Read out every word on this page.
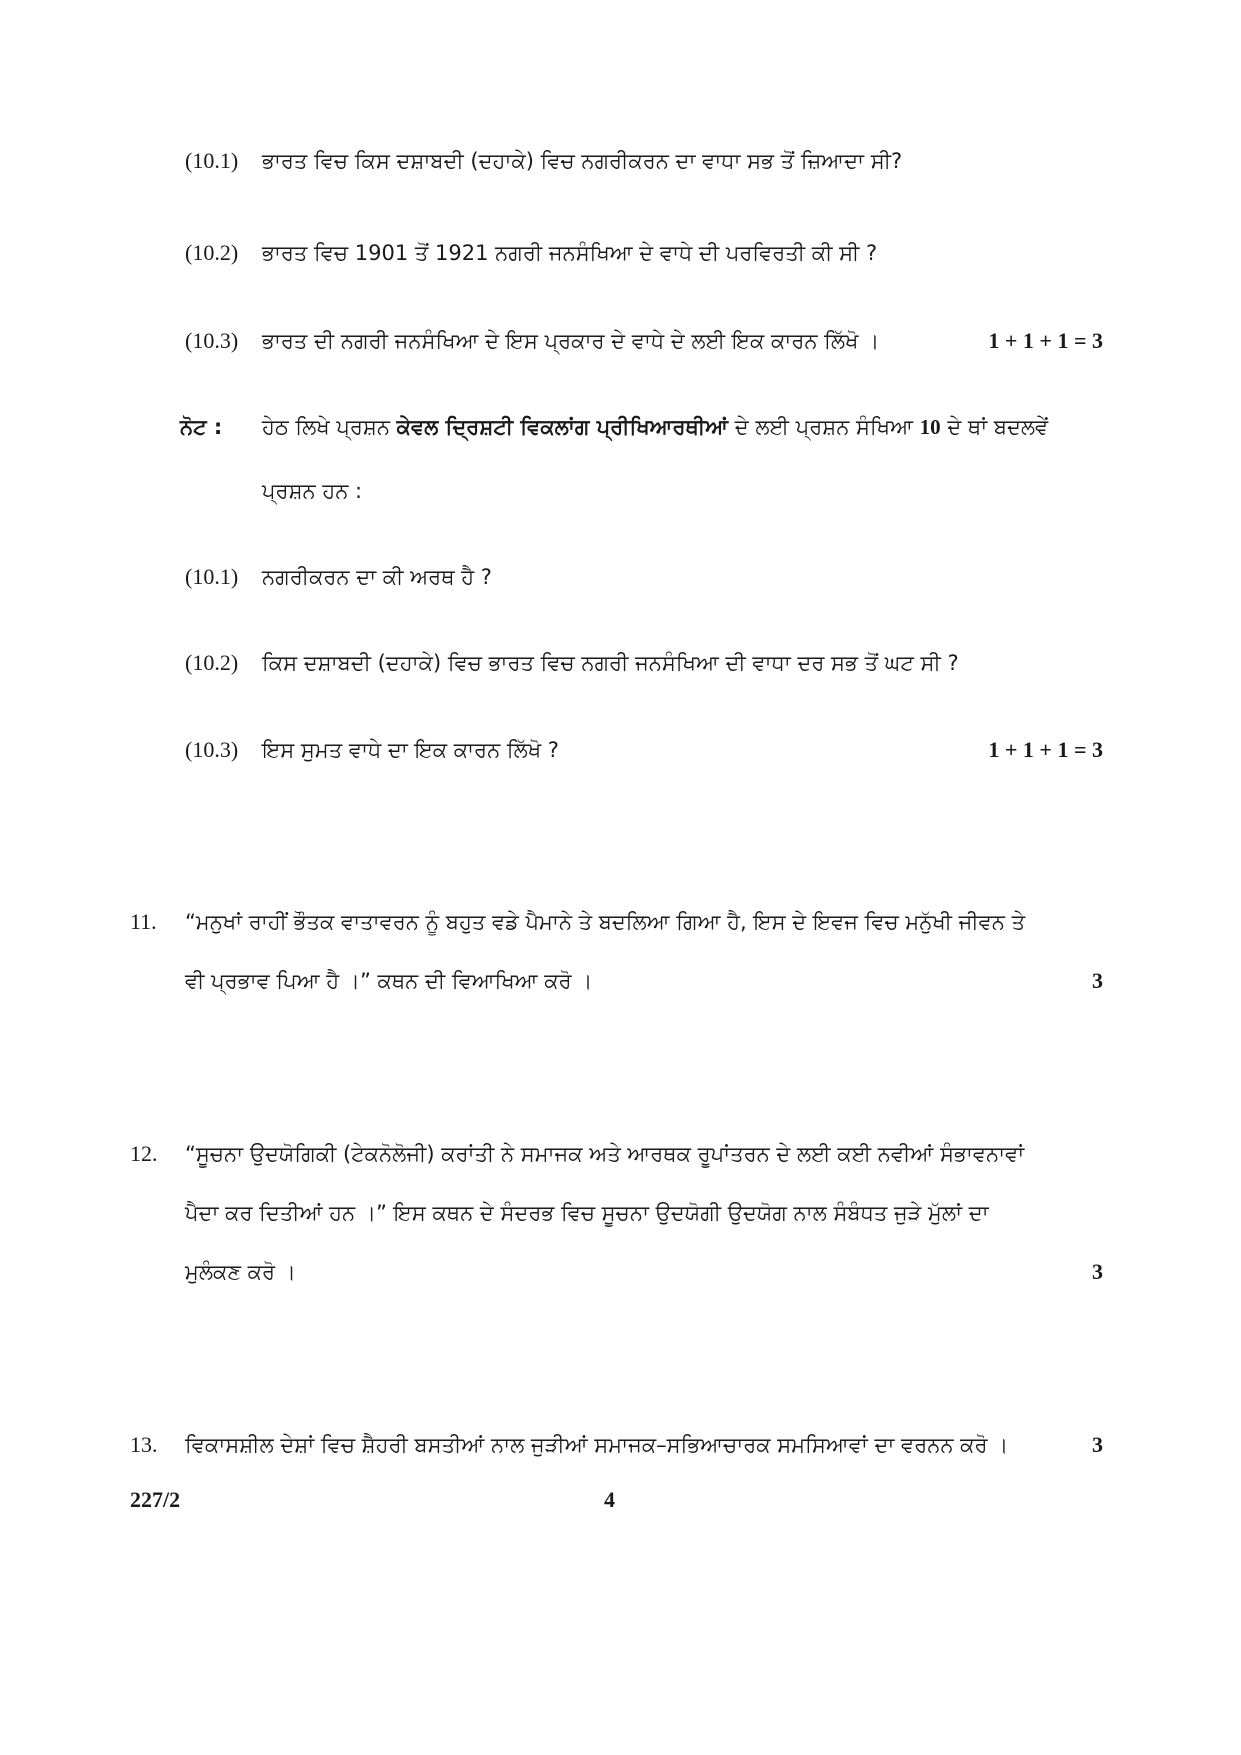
(10.1) ਭਾਰਤ ਵਿਚ ਕਿਸ ਦਸ਼ਾਬਦੀ (ਦਹਾਕੇ) ਵਿਚ ਨਗਰੀਕਰਨ ਦਾ ਵਾਧਾ ਸਭ ਤੋਂ ਜ਼ਿਆਦਾ ਸੀ?
(10.2) ਭਾਰਤ ਵਿਚ 1901 ਤੋਂ 1921 ਨਗਰੀ ਜਨਸੰਖਿਆ ਦੇ ਵਾਧੇ ਦੀ ਪਰਵਿਰਤੀ ਕੀ ਸੀ ?
(10.3) ਭਾਰਤ ਦੀ ਨਗਰੀ ਜਨਸੰਖਿਆ ਦੇ ਇਸ ਪ੍ਰਕਾਰ ਦੇ ਵਾਧੇ ਦੇ ਲਈ ਇਕ ਕਾਰਨ ਲਿੱਖੋ ।	1 + 1 + 1 = 3
ਨੋਟ : ਹੇਠ ਲਿਖੇ ਪ੍ਰਸ਼ਨ ਕੇਵਲ ਦ੍ਰਿਸ਼ਟੀ ਵਿਕਲਾਂਗ ਪ੍ਰੀਖਿਆਰਥੀਆਂ ਦੇ ਲਈ ਪ੍ਰਸ਼ਨ ਸੰਖਿਆ 10 ਦੇ ਥਾਂ ਬਦਲਵੇਂ
ਪ੍ਰਸ਼ਨ ਹਨ :
(10.1) ਨਗਰੀਕਰਨ ਦਾ ਕੀ ਅਰਥ ਹੈ ?
(10.2) ਕਿਸ ਦਸ਼ਾਬਦੀ (ਦਹਾਕੇ) ਵਿਚ ਭਾਰਤ ਵਿਚ ਨਗਰੀ ਜਨਸੰਖਿਆ ਦੀ ਵਾਧਾ ਦਰ ਸਭ ਤੋਂ ਘਟ ਸੀ ?
(10.3) ਇਸ ਸੁਮਤ ਵਾਧੇ ਦਾ ਇਕ ਕਾਰਨ ਲਿੱਖੋ ?	1 + 1 + 1 = 3
11. “ਮਨੁਖਾਂ ਰਾਹੀਂ ਭੌਤਕ ਵਾਤਾਵਰਨ ਨੂੰ ਬਹੁਤ ਵਡੇ ਪੈਮਾਨੇ ਤੇ ਬਦਲਿਆ ਗਿਆ ਹੈ, ਇਸ ਦੇ ਇਵਜ ਵਿਚ ਮਨੁੱਖੀ ਜੀਵਨ ਤੇ
ਵੀ ਪ੍ਰਭਾਵ ਪਿਆ ਹੈ ।” ਕਥਨ ਦੀ ਵਿਆਖਿਆ ਕਰੋ ।	3
12. “ਸੂਚਨਾ ਉਦਯੋਗਿਕੀ (ਟੇਕਨੋਲੋਜੀ) ਕਰਾਂਤੀ ਨੇ ਸਮਾਜਕ ਅਤੇ ਆਰਥਕ ਰੂਪਾਂਤਰਨ ਦੇ ਲਈ ਕਈ ਨਵੀਆਂ ਸੰਭਾਵਨਾਵਾਂ
ਪੈਦਾ ਕਰ ਦਿਤੀਆਂ ਹਨ ।” ਇਸ ਕਥਨ ਦੇ ਸੰਦਰਭ ਵਿਚ ਸੂਚਨਾ ਉਦਯੋਗੀ ਉਦਯੋਗ ਨਾਲ ਸੰਬੰਧਤ ਜੁੜੇ ਮੁੱਲਾਂ ਦਾ
ਮੁਲੰਕਣ ਕਰੋ ।	3
13. ਵਿਕਾਸਸ਼ੀਲ ਦੇਸ਼ਾਂ ਵਿਚ ਸ਼ੈਹਰੀ ਬਸਤੀਆਂ ਨਾਲ ਜੁੜੀਆਂ ਸਮਾਜਕ–ਸਭਿਆਚਾਰਕ ਸਮਸਿਆਵਾਂ ਦਾ ਵਰਨਨ ਕਰੋ ।	3
227/2	4
